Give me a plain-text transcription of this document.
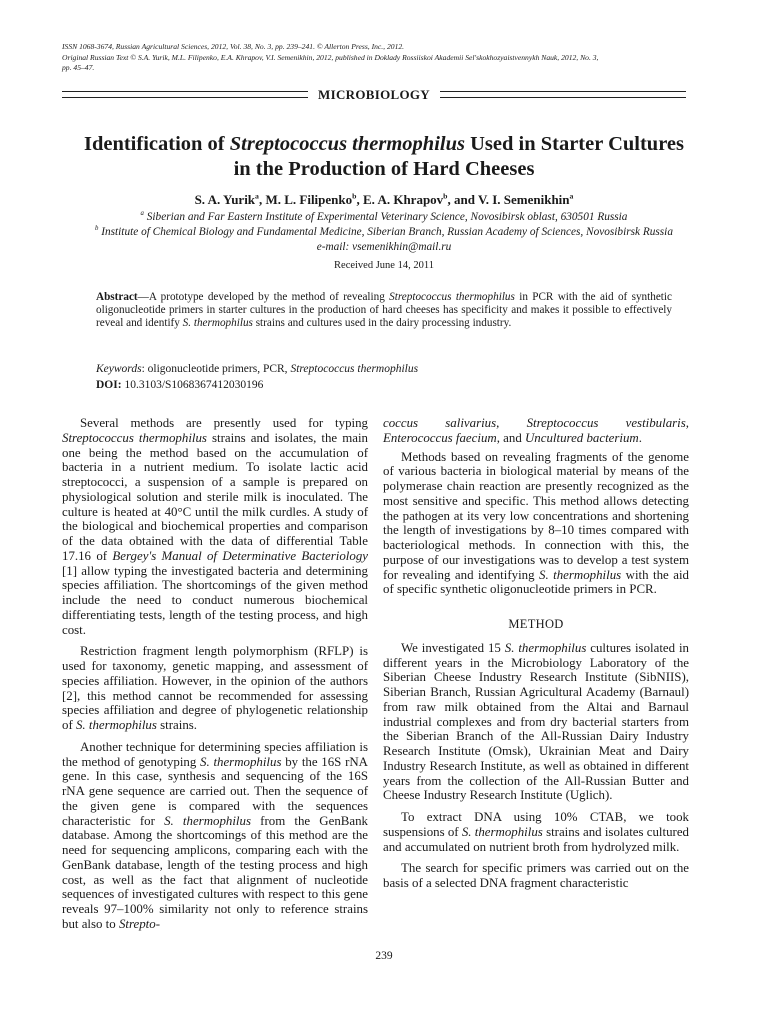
ISSN 1068-3674, Russian Agricultural Sciences, 2012, Vol. 38, No. 3, pp. 239–241. © Allerton Press, Inc., 2012.
Original Russian Text © S.A. Yurik, M.L. Filipenko, E.A. Khrapov, V.I. Semenikhin, 2012, published in Doklady Rossiiskoi Akademii Sel'skokhozyaistvennykh Nauk, 2012, No. 3,
pp. 45–47.
MICROBIOLOGY
Identification of Streptococcus thermophilus Used in Starter Cultures
in the Production of Hard Cheeses
S. A. Yurik$^a$, M. L. Filipenko$^b$, E. A. Khrapov$^b$, and V. I. Semenikhin$^a$
$^a$ Siberian and Far Eastern Institute of Experimental Veterinary Science, Novosibirsk oblast, 630501 Russia
$^b$ Institute of Chemical Biology and Fundamental Medicine, Siberian Branch, Russian Academy of Sciences, Novosibirsk Russia
e-mail: vsemenikhin@mail.ru
Received June 14, 2011
Abstract—A prototype developed by the method of revealing Streptococcus thermophilus in PCR with the aid of synthetic oligonucleotide primers in starter cultures in the production of hard cheeses has specificity and makes it possible to effectively reveal and identify S. thermophilus strains and cultures used in the dairy processing industry.
Keywords: oligonucleotide primers, PCR, Streptococcus thermophilus
DOI: 10.3103/S1068367412030196

Several methods are presently used for typing Streptococcus thermophilus strains and isolates, the main one being the method based on the accumulation of bacteria in a nutrient medium. To isolate lactic acid streptococci, a suspension of a sample is prepared on physiological solution and sterile milk is inoculated. The culture is heated at 40°C until the milk curdles. A study of the biological and biochemical properties and comparison of the data obtained with the data of differential Table 17.16 of Bergey's Manual of Determinative Bacteriology [1] allow typing the investigated bacteria and determining species affiliation. The shortcomings of the given method include the need to conduct numerous biochemical differentiating tests, length of the testing process, and high cost.

Restriction fragment length polymorphism (RFLP) is used for taxonomy, genetic mapping, and assessment of species affiliation. However, in the opinion of the authors [2], this method cannot be recommended for assessing species affiliation and degree of phylogenetic relationship of S. thermophilus strains.

Another technique for determining species affiliation is the method of genotyping S. thermophilus by the 16S rNA gene. In this case, synthesis and sequencing of the 16S rNA gene sequence are carried out. Then the sequence of the given gene is compared with the sequences characteristic for S. thermophilus from the GenBank database. Among the shortcomings of this method are the need for sequencing amplicons, comparing each with the GenBank database, length of the testing process and high cost, as well as the fact that alignment of nucleotide sequences of investigated cultures with respect to this gene reveals 97–100% similarity not only to reference strains but also to Strepto-

coccus salivarius, Streptococcus vestibularis, Enterococcus faecium, and Uncultured bacterium.

Methods based on revealing fragments of the genome of various bacteria in biological material by means of the polymerase chain reaction are presently recognized as the most sensitive and specific. This method allows detecting the pathogen at its very low concentrations and shortening the length of investigations by 8–10 times compared with bacteriological methods. In connection with this, the purpose of our investigations was to develop a test system for revealing and identifying S. thermophilus with the aid of specific synthetic oligonucleotide primers in PCR.

METHOD

We investigated 15 S. thermophilus cultures isolated in different years in the Microbiology Laboratory of the Siberian Cheese Industry Research Institute (SibNIIS), Siberian Branch, Russian Agricultural Academy (Barnaul) from raw milk obtained from the Altai and Barnaul industrial complexes and from dry bacterial starters from the Siberian Branch of the All-Russian Dairy Industry Research Institute (Omsk), Ukrainian Meat and Dairy Industry Research Institute, as well as obtained in different years from the collection of the All-Russian Butter and Cheese Industry Research Institute (Uglich).

To extract DNA using 10% CTAB, we took suspensions of S. thermophilus strains and isolates cultured and accumulated on nutrient broth from hydrolyzed milk.

The search for specific primers was carried out on the basis of a selected DNA fragment characteristic

239
